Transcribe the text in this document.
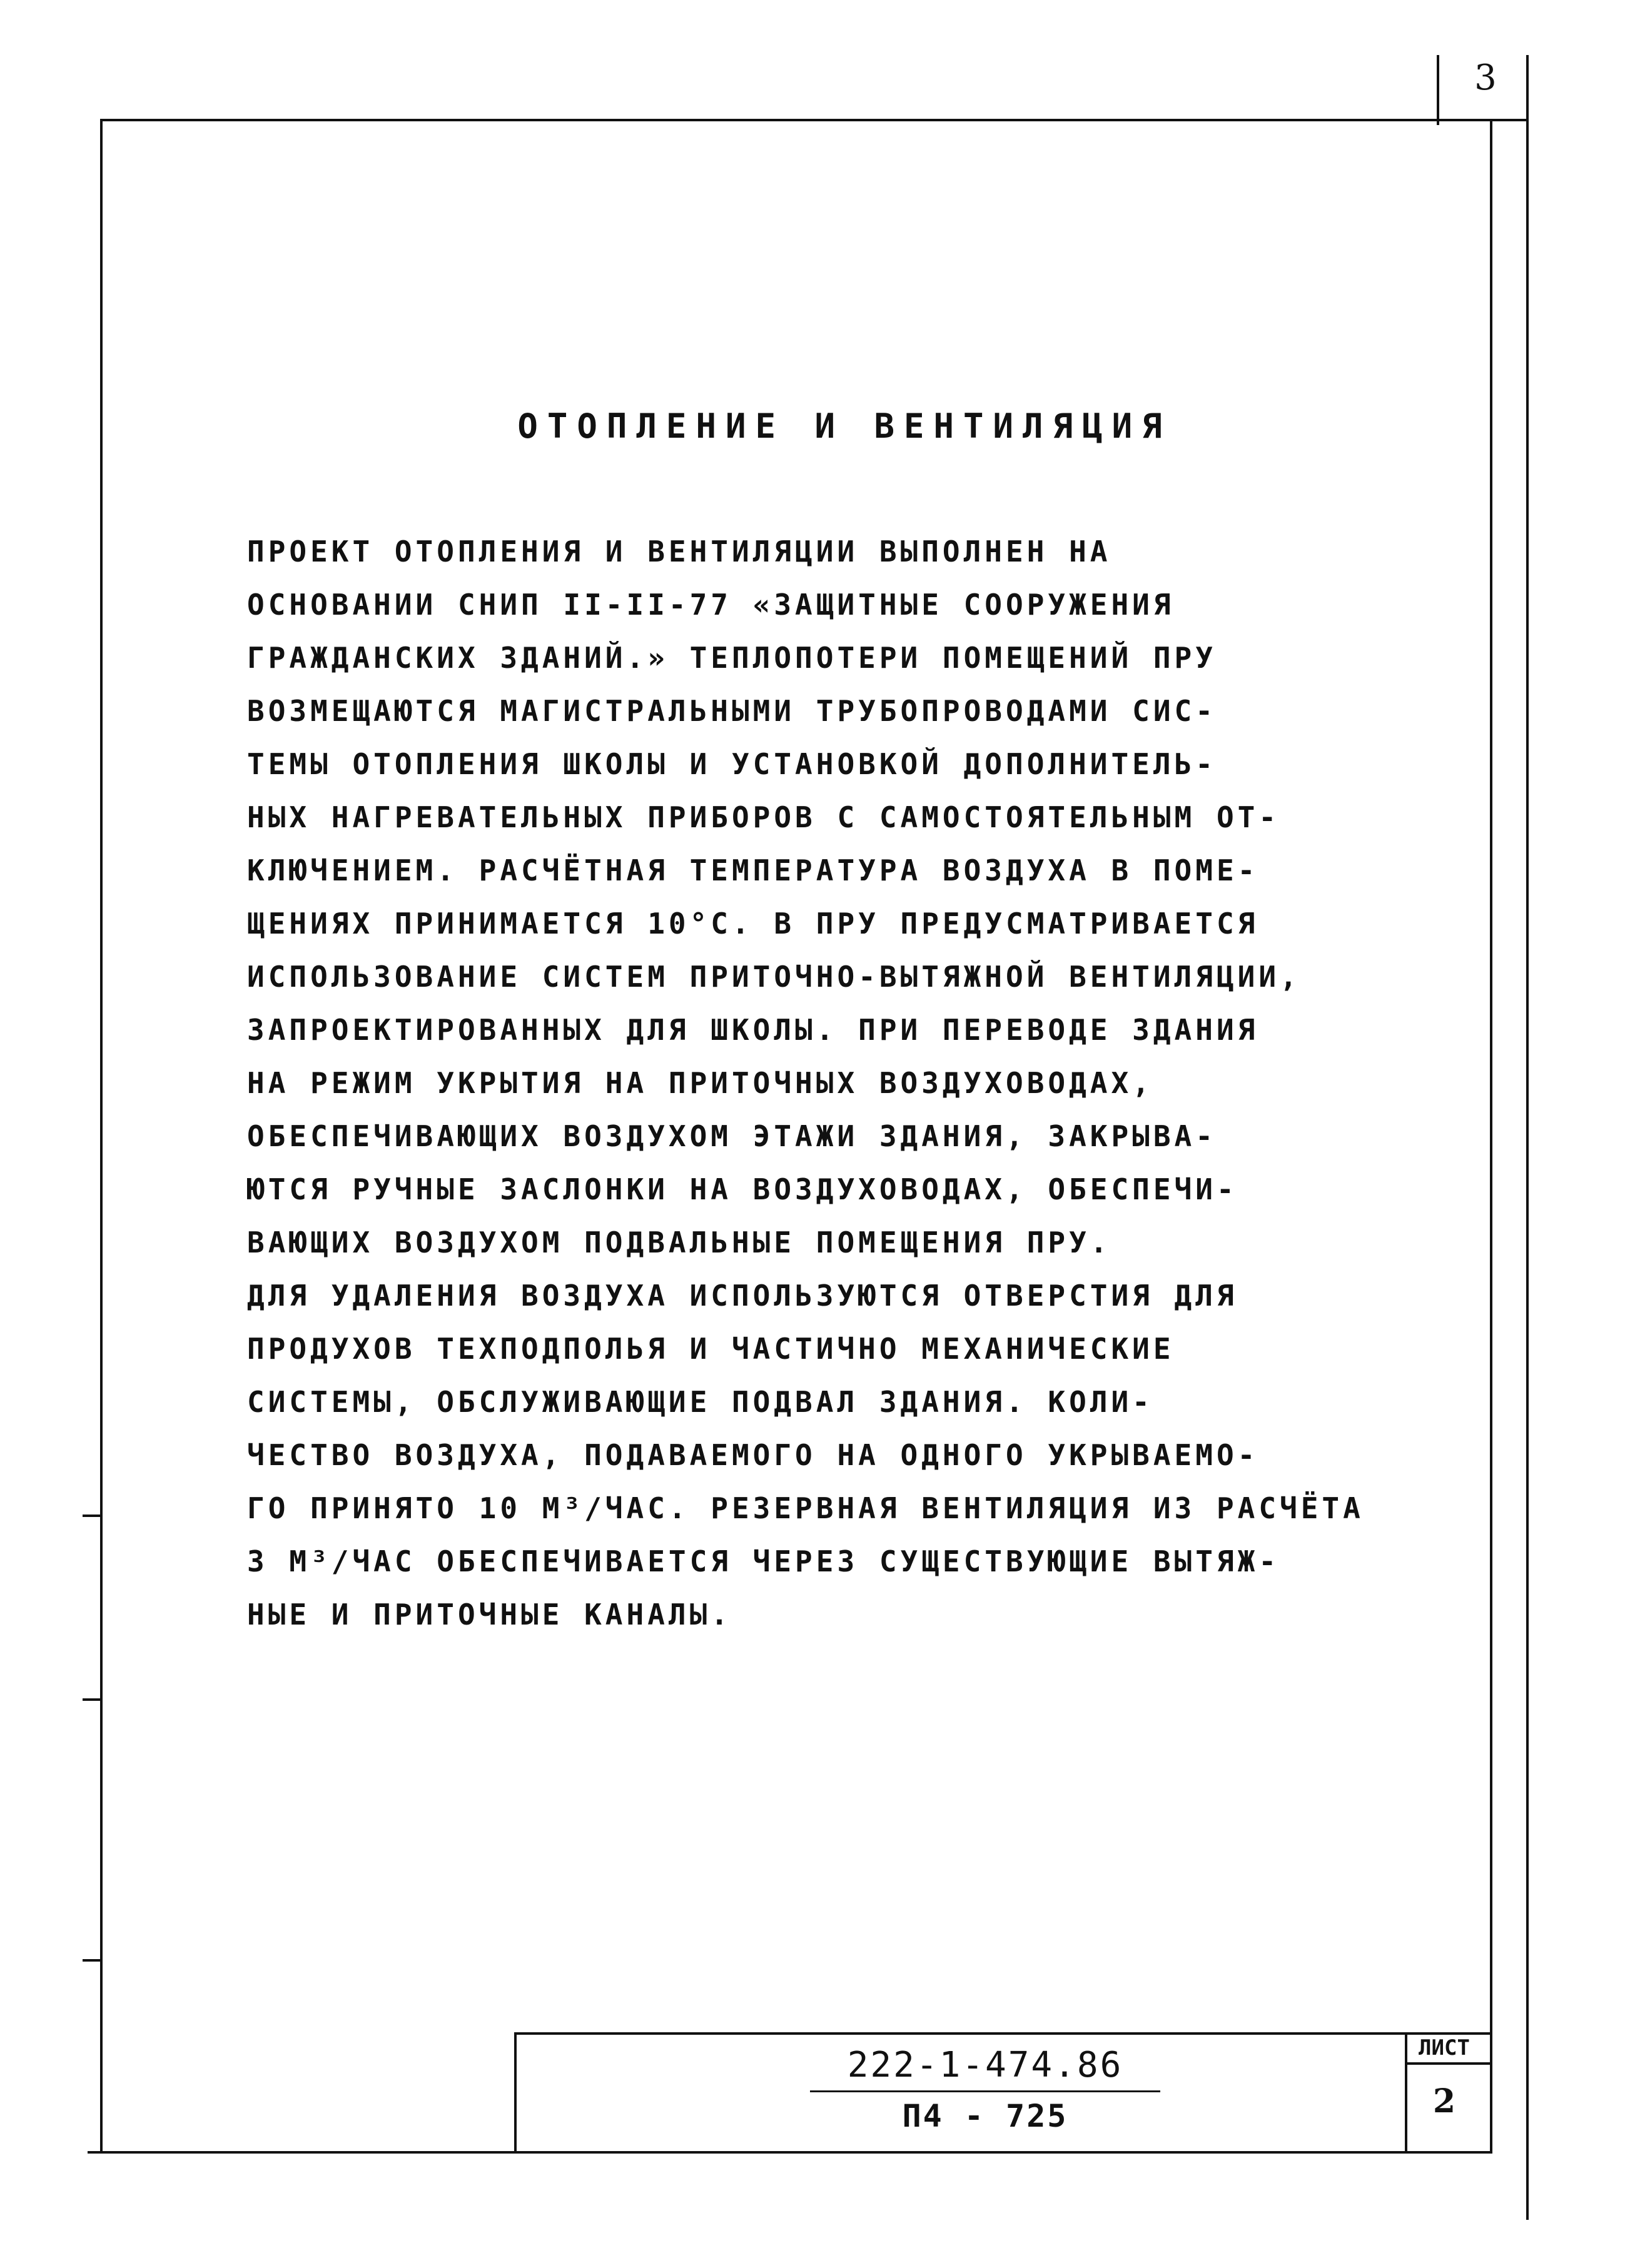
3
ОТОПЛЕНИЕ И ВЕНТИЛЯЦИЯ
ПРОЕКТ ОТОПЛЕНИЯ И ВЕНТИЛЯЦИИ ВЫПОЛНЕН НА
ОСНОВАНИИ СНИП II-II-77 «ЗАЩИТНЫЕ СООРУЖЕНИЯ
ГРАЖДАНСКИХ ЗДАНИЙ.» ТЕПЛОПОТЕРИ ПОМЕЩЕНИЙ ПРУ
ВОЗМЕЩАЮТСЯ МАГИСТРАЛЬНЫМИ ТРУБОПРОВОДАМИ СИС-
ТЕМЫ ОТОПЛЕНИЯ ШКОЛЫ И УСТАНОВКОЙ ДОПОЛНИТЕЛЬ-
НЫХ НАГРЕВАТЕЛЬНЫХ ПРИБОРОВ С САМОСТОЯТЕЛЬНЫМ ОТ-
КЛЮЧЕНИЕМ. РАСЧЁТНАЯ ТЕМПЕРАТУРА ВОЗДУХА В ПОМЕ-
ЩЕНИЯХ ПРИНИМАЕТСЯ 10°С. В ПРУ ПРЕДУСМАТРИВАЕТСЯ
ИСПОЛЬЗОВАНИЕ СИСТЕМ ПРИТОЧНО-ВЫТЯЖНОЙ ВЕНТИЛЯЦИИ,
ЗАПРОЕКТИРОВАННЫХ ДЛЯ ШКОЛЫ. ПРИ ПЕРЕВОДЕ ЗДАНИЯ
НА РЕЖИМ УКРЫТИЯ НА ПРИТОЧНЫХ ВОЗДУХОВОДАХ,
ОБЕСПЕЧИВАЮЩИХ ВОЗДУХОМ ЭТАЖИ ЗДАНИЯ, ЗАКРЫВА-
ЮТСЯ РУЧНЫЕ ЗАСЛОНКИ НА ВОЗДУХОВОДАХ, ОБЕСПЕЧИ-
ВАЮЩИХ ВОЗДУХОМ ПОДВАЛЬНЫЕ ПОМЕЩЕНИЯ ПРУ.
ДЛЯ УДАЛЕНИЯ ВОЗДУХА ИСПОЛЬЗУЮТСЯ ОТВЕРСТИЯ ДЛЯ
ПРОДУХОВ ТЕХПОДПОЛЬЯ И ЧАСТИЧНО МЕХАНИЧЕСКИЕ
СИСТЕМЫ, ОБСЛУЖИВАЮЩИЕ ПОДВАЛ ЗДАНИЯ. КОЛИ-
ЧЕСТВО ВОЗДУХА, ПОДАВАЕМОГО НА ОДНОГО УКРЫВАЕМО-
ГО ПРИНЯТО 10 М³/ЧАС. РЕЗЕРВНАЯ ВЕНТИЛЯЦИЯ ИЗ РАСЧЁТА
3 М³/ЧАС ОБЕСПЕЧИВАЕТСЯ ЧЕРЕЗ СУЩЕСТВУЮЩИЕ ВЫТЯЖ-
НЫЕ И ПРИТОЧНЫЕ КАНАЛЫ.
222-1-474.86
П4 - 725
ЛИСТ
2
